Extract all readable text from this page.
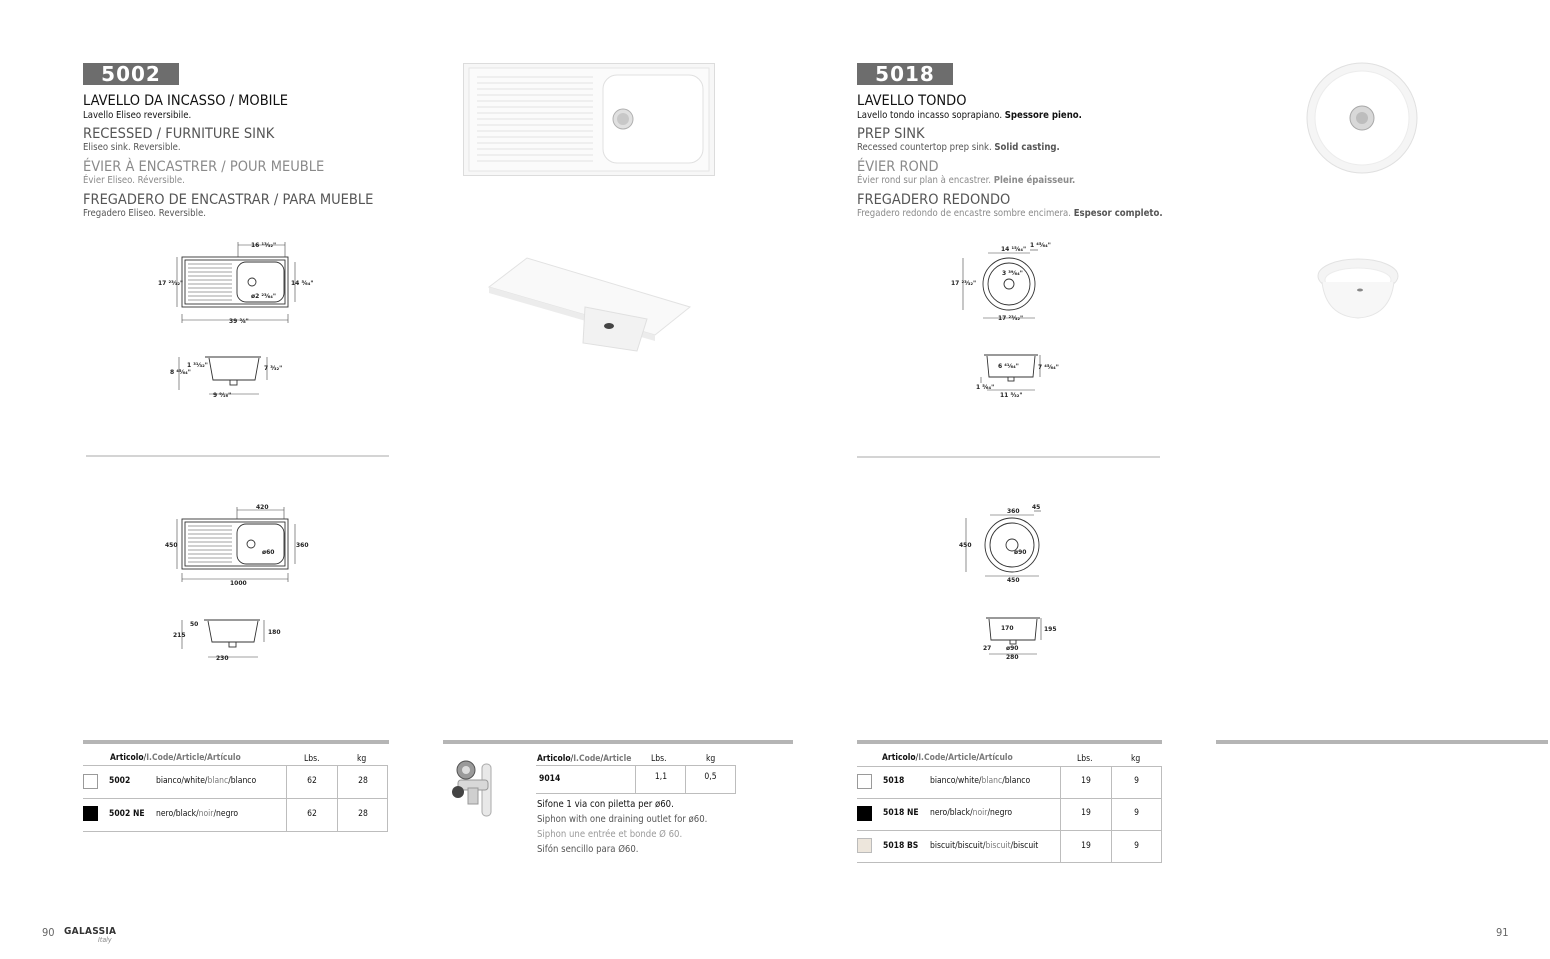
5002
LAVELLO DA INCASSO / MOBILE
Lavello Eliseo reversibile.
RECESSED / FURNITURE SINK
Eliseo sink. Reversible.
ÉVIER À ENCASTRER / POUR MEUBLE
Évier Eliseo. Réversible.
FREGADERO DE ENCASTRAR / PARA MUEBLE
Fregadero Eliseo. Reversible.
16 ¹³⁄₃₂"
17 ²³⁄₃₂"	14 ⁵⁄₆₄"
ø2 ²³⁄₆₄"
39 ⅜"
1 ³¹⁄₃₂"
8 ⁴⁵⁄₆₄"
7 ³⁄₃₂"
9 ⁹⁄₁₆"
420
450	360
ø60
1000
50
215	180
230
Articolo/I.Code/Article/Artículo	Lbs.	kg
5002	bianco/white/blanc/blanco	62	28
5002 NE nero/black/noir/negro	62	28
Articolo/I.Code/Article Lbs.	kg
9014	1,1	0,5
Sifone 1 via con piletta per ø60.
Siphon with one draining outlet for ø60.
Siphon une entrée et bonde Ø 60.
Sifón sencillo para Ø60.
5018
LAVELLO TONDO
Lavello tondo incasso soprapiano. Spessore pieno.
PREP SINK
Recessed countertop prep sink. Solid casting.
ÉVIER ROND
Évier rond sur plan à encastrer. Pleine épaisseur.
FREGADERO REDONDO
Fregadero redondo de encastre sombre encimera. Espesor completo.
14 ¹⁵⁄₆₄"
1 ⁴⁵⁄₆₄"
17 ²³⁄₃₂"
3 ³⁹⁄₆₄"
17 ²³⁄₃₂"
6 ⁴¹⁄₆₄"	7 ⁴⁵⁄₆₄"
1 ⁵⁄₆₄"
11 ⁵⁄₃₂"
360
45
450
ø90
450
170	195
27 ø90
280
Articolo/I.Code/Article/Artículo	Lbs.	kg
5018	bianco/white/blanc/blanco	19	9
5018 NE nero/black/noir/negro	19	9
5018 BS biscuit/biscuit/biscuit/biscuit	19	9
90 GALASSIA
Italy
91
